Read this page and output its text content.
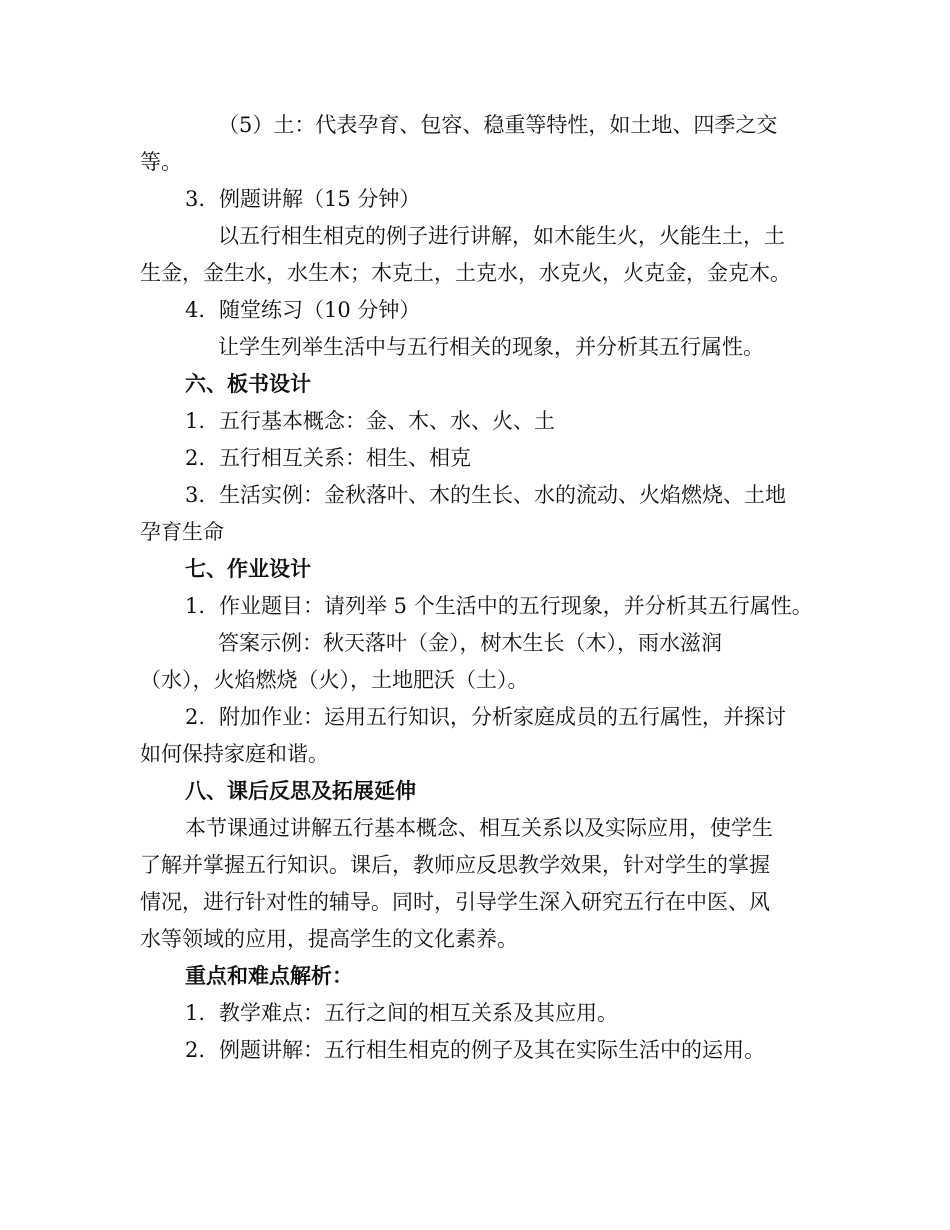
（5）土：代表孕育、包容、稳重等特性，如土地、四季之交
等。
3. 例题讲解（15 分钟）
以五行相生相克的例子进行讲解，如木能生火，火能生土，土
生金，金生水，水生木；木克土，土克水，水克火，火克金，金克木。
4. 随堂练习（10 分钟）
让学生列举生活中与五行相关的现象，并分析其五行属性。
六、板书设计
1. 五行基本概念：金、木、水、火、土
2. 五行相互关系：相生、相克
3. 生活实例：金秋落叶、木的生长、水的流动、火焰燃烧、土地
孕育生命
七、作业设计
1. 作业题目：请列举 5 个生活中的五行现象，并分析其五行属性。
答案示例：秋天落叶（金），树木生长（木），雨水滋润
（水），火焰燃烧（火），土地肥沃（土）。
2. 附加作业：运用五行知识，分析家庭成员的五行属性，并探讨
如何保持家庭和谐。
八、课后反思及拓展延伸
本节课通过讲解五行基本概念、相互关系以及实际应用，使学生
了解并掌握五行知识。课后，教师应反思教学效果，针对学生的掌握
情况，进行针对性的辅导。同时，引导学生深入研究五行在中医、风
水等领域的应用，提高学生的文化素养。
重点和难点解析：
1. 教学难点：五行之间的相互关系及其应用。
2. 例题讲解：五行相生相克的例子及其在实际生活中的运用。
